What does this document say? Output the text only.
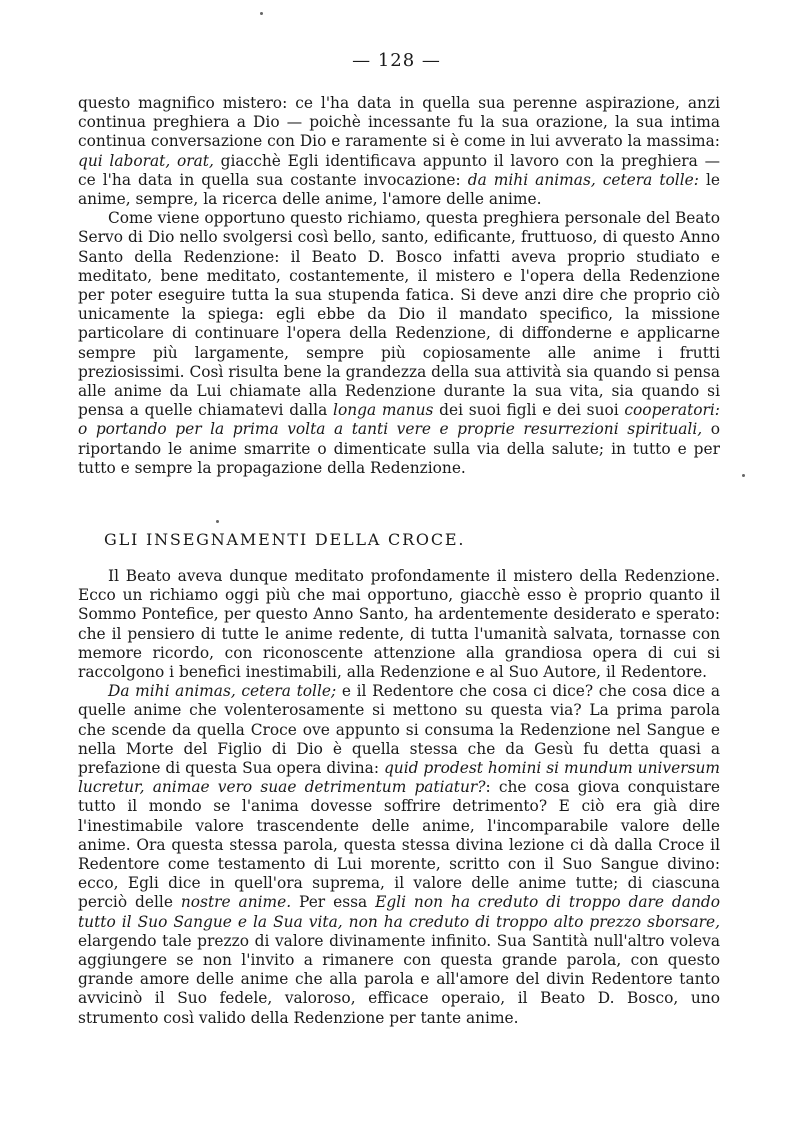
— 128 —

questo magnifico mistero: ce l'ha data in quella sua perenne aspirazione, anzi continua preghiera a Dio — poichè incessante fu la sua orazione, la sua intima continua conversazione con Dio e raramente si è come in lui avverato la massima: qui laborat, orat, giacchè Egli identificava appunto il lavoro con la preghiera — ce l'ha data in quella sua costante invocazione: da mihi animas, cetera tolle: le anime, sempre, la ricerca delle anime, l'amore delle anime.

Come viene opportuno questo richiamo, questa preghiera personale del Beato Servo di Dio nello svolgersi così bello, santo, edificante, fruttuoso, di questo Anno Santo della Redenzione: il Beato D. Bosco infatti aveva proprio studiato e meditato, bene meditato, costantemente, il mistero e l'opera della Redenzione per poter eseguire tutta la sua stupenda fatica. Si deve anzi dire che proprio ciò unicamente la spiega: egli ebbe da Dio il mandato specifico, la missione particolare di continuare l'opera della Redenzione, di diffonderne e applicarne sempre più largamente, sempre più copiosamente alle anime i frutti preziosissimi. Così risulta bene la grandezza della sua attività sia quando si pensa alle anime da Lui chiamate alla Redenzione durante la sua vita, sia quando si pensa a quelle chiamatevi dalla longa manus dei suoi figli e dei suoi cooperatori: o portando per la prima volta a tanti vere e proprie resurrezioni spirituali, o riportando le anime smarrite o dimenticate sulla via della salute; in tutto e per tutto e sempre la propagazione della Redenzione.

GLI INSEGNAMENTI DELLA CROCE.

Il Beato aveva dunque meditato profondamente il mistero della Redenzione. Ecco un richiamo oggi più che mai opportuno, giacchè esso è proprio quanto il Sommo Pontefice, per questo Anno Santo, ha ardentemente desiderato e sperato: che il pensiero di tutte le anime redente, di tutta l'umanità salvata, tornasse con memore ricordo, con riconoscente attenzione alla grandiosa opera di cui si raccolgono i benefici inestimabili, alla Redenzione e al Suo Autore, il Redentore.

Da mihi animas, cetera tolle; e il Redentore che cosa ci dice? che cosa dice a quelle anime che volenterosamente si mettono su questa via? La prima parola che scende da quella Croce ove appunto si consuma la Redenzione nel Sangue e nella Morte del Figlio di Dio è quella stessa che da Gesù fu detta quasi a prefazione di questa Sua opera divina: quid prodest homini si mundum universum lucretur, animae vero suae detrimentum patiatur?: che cosa giova conquistare tutto il mondo se l'anima dovesse soffrire detrimento? E ciò era già dire l'inestimabile valore trascendente delle anime, l'incomparabile valore delle anime. Ora questa stessa parola, questa stessa divina lezione ci dà dalla Croce il Redentore come testamento di Lui morente, scritto con il Suo Sangue divino: ecco, Egli dice in quell'ora suprema, il valore delle anime tutte; di ciascuna perciò delle nostre anime. Per essa Egli non ha creduto di troppo dare dando tutto il Suo Sangue e la Sua vita, non ha creduto di troppo alto prezzo sborsare, elargendo tale prezzo di valore divinamente infinito. Sua Santità null'altro voleva aggiungere se non l'invito a rimanere con questa grande parola, con questo grande amore delle anime che alla parola e all'amore del divin Redentore tanto avvicinò il Suo fedele, valoroso, efficace operaio, il Beato D. Bosco, uno strumento così valido della Redenzione per tante anime.
